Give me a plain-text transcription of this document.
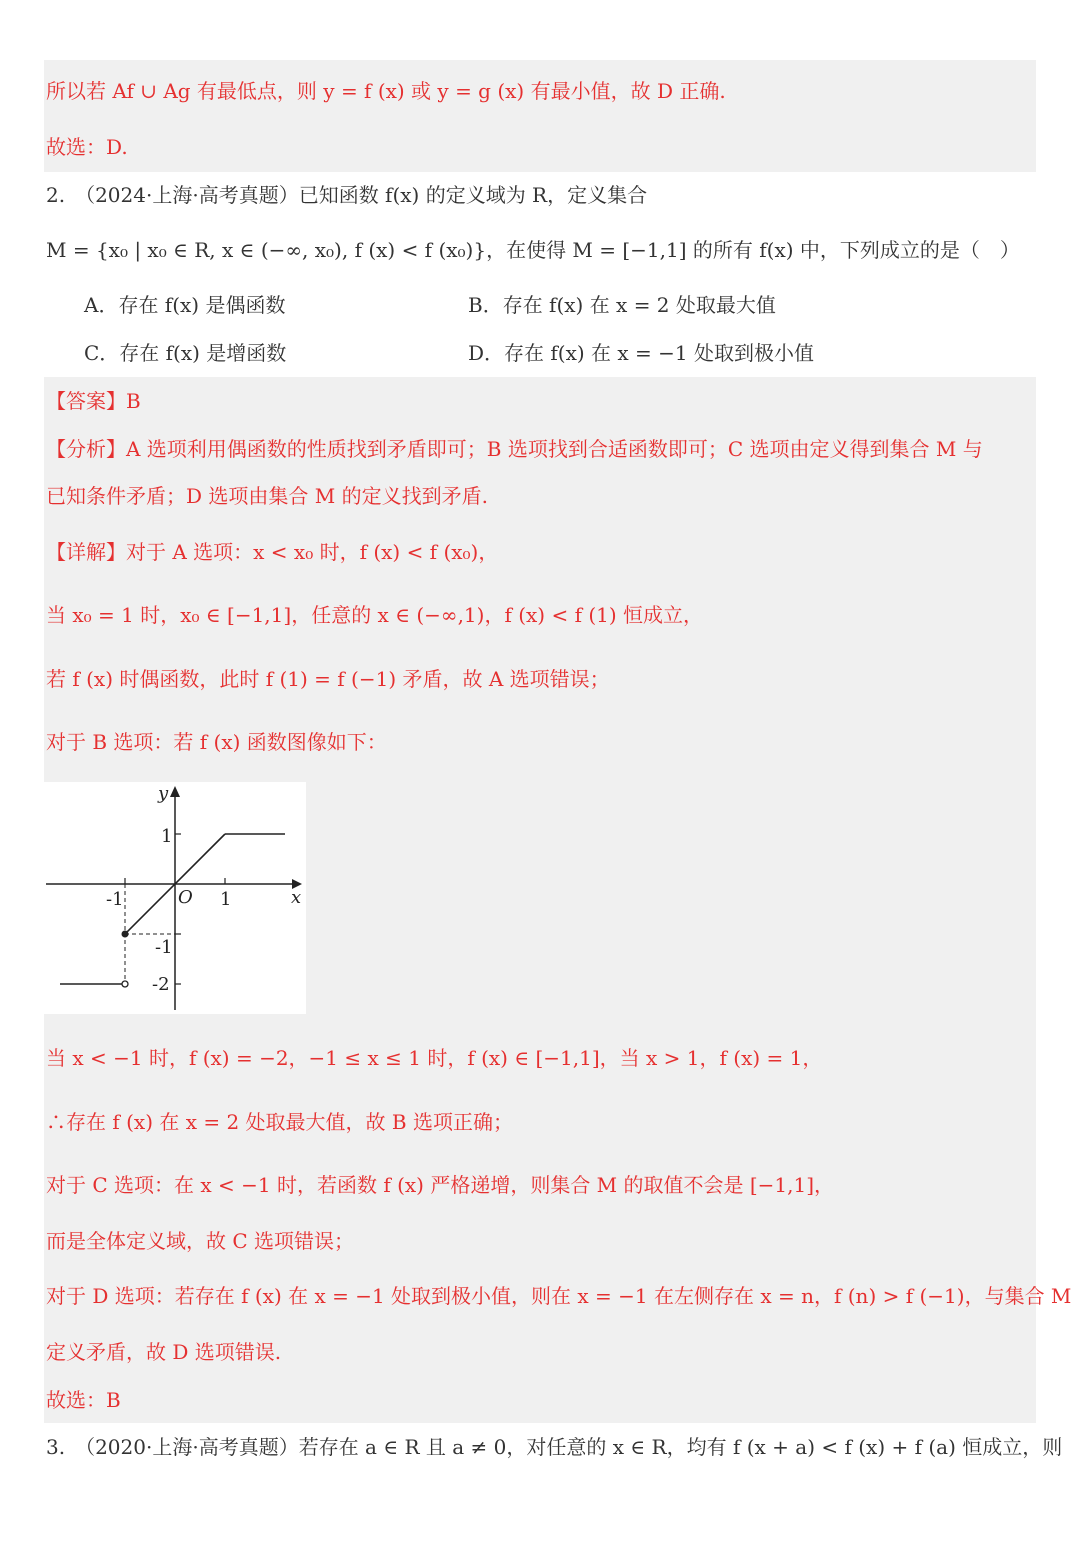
所以若 Af ∪ Ag 有最低点，则 y = f (x) 或 y = g (x) 有最小值，故 D 正确.
故选：D.
2.　（2024·上海·高考真题）已知函数 f(x) 的定义域为 R，定义集合
M = {x₀ | x₀ ∈ R, x ∈ (−∞, x₀), f (x) < f (x₀)}，在使得 M = [−1,1] 的所有 f(x) 中，下列成立的是（　）
A．存在 f(x) 是偶函数	B．存在 f(x) 在 x = 2 处取最大值
C．存在 f(x) 是增函数	D．存在 f(x) 在 x = −1 处取到极小值
【答案】B
【分析】A 选项利用偶函数的性质找到矛盾即可；B 选项找到合适函数即可；C 选项由定义得到集合 M 与
已知条件矛盾；D 选项由集合 M 的定义找到矛盾.
【详解】对于 A 选项：x < x₀ 时，f (x) < f (x₀)，
当 x₀ = 1 时，x₀ ∈ [−1,1]，任意的 x ∈ (−∞,1)，f (x) < f (1) 恒成立，
若 f (x) 时偶函数，此时 f (1) = f (−1) 矛盾，故 A 选项错误；
对于 B 选项：若 f (x) 函数图像如下：
y
x
O
1
-1
-2
-1	1
当 x < −1 时，f (x) = −2，−1 ≤ x ≤ 1 时，f (x) ∈ [−1,1]，当 x > 1，f (x) = 1，
∴存在 f (x) 在 x = 2 处取最大值，故 B 选项正确；
对于 C 选项：在 x < −1 时，若函数 f (x) 严格递增，则集合 M 的取值不会是 [−1,1]，
而是全体定义域，故 C 选项错误；
对于 D 选项：若存在 f (x) 在 x = −1 处取到极小值，则在 x = −1 在左侧存在 x = n，f (n) > f (−1)，与集合 M
定义矛盾，故 D 选项错误.
故选：B
3.　（2020·上海·高考真题）若存在 a ∈ R 且 a ≠ 0，对任意的 x ∈ R，均有 f (x + a) < f (x) + f (a) 恒成立，则
